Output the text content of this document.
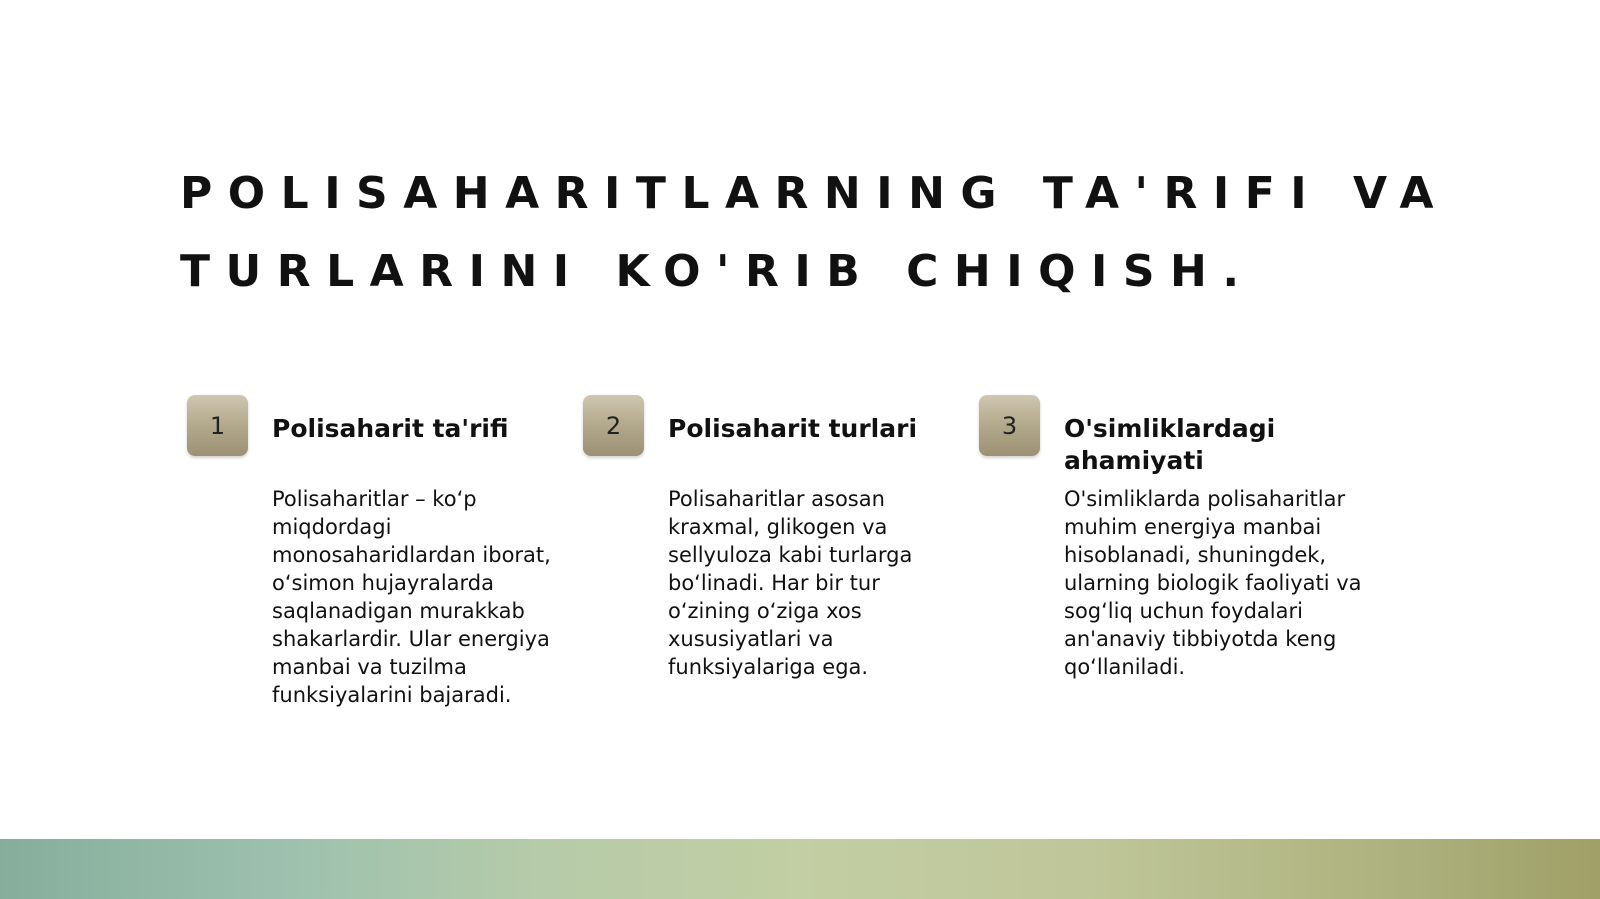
POLISAHARITLARNING TA'RIFI VA
TURLARINI KO'RIB CHIQISH.
1	Polisaharit ta'rifi

Polisaharitlar – ko‘p miqdordagi monosaharidlardan iborat, o‘simon hujayralarda saqlanadigan murakkab shakarlardir. Ular energiya manbai va tuzilma funksiyalarini bajaradi.

2	Polisaharit turlari

Polisaharitlar asosan kraxmal, glikogen va sellyuloza kabi turlarga bo‘linadi. Har bir tur o‘zining o‘ziga xos xususiyatlari va funksiyalariga ega.

3	O'simliklardagi ahamiyati

O'simliklarda polisaharitlar muhim energiya manbai hisoblanadi, shuningdek, ularning biologik faoliyati va sog‘liq uchun foydalari an'anaviy tibbiyotda keng qo‘llaniladi.
